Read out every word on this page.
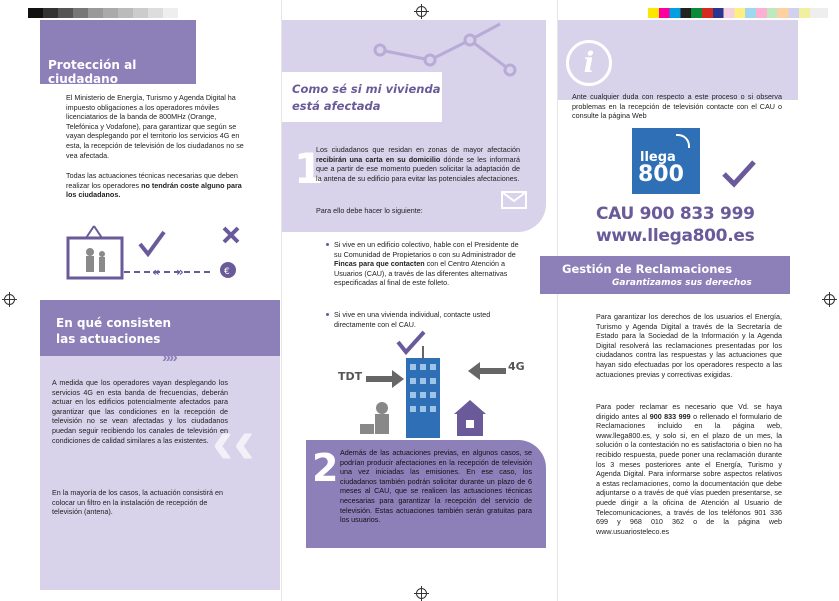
Protección al ciudadano
El Ministerio de Energía, Turismo y Agenda Digital ha impuesto obligaciones a los operadores móviles licenciatarios de la banda de 800MHz (Orange, Telefónica y Vodafone), para garantizar que según se vayan desplegando por el territorio los servicios 4G en esta, la recepción de televisión de los ciudadanos no se vea afectada.
Todas las actuaciones técnicas necesarias que deben realizar los operadores no tendrán coste alguno para los ciudadanos.
« »	€
En qué consisten
las actuaciones
»»
‹‹
A medida que los operadores vayan desplegando los servicios 4G en esta banda de frecuencias, deberán actuar en los edificios potencialmente afectados para garantizar que las condiciones en la recepción de televisión no se vean afectadas y los ciudadanos puedan seguir recibiendo los canales de televisión en condiciones de calidad similares a las existentes.
En la mayoría de los casos, la actuación consistirá en colocar un filtro en la instalación de recepción de televisión (antena).
Como sé si mi vivienda
está afectada
1
Los ciudadanos que residan en zonas de mayor afectación recibirán una carta en su domicilio dónde se les informará que a partir de ese momento pueden solicitar la adaptación de la antena de su edificio para evitar las potenciales afectaciones.
Para ello debe hacer lo siguiente:
Si vive en un edificio colectivo, hable con el Presidente de su Comunidad de Propietarios o con su Administrador de Fincas para que contacten con el Centro Atención a Usuarios (CAU), a través de las diferentes alternativas especificadas al final de este folleto.
Si vive en una vivienda individual, contacte usted directamente con el CAU.
TDT
4G
2 Además de las actuaciones previas, en algunos casos, se podrían producir afectaciones en la recepción de televisión una vez iniciadas las emisiones. En ese caso, los ciudadanos también podrán solicitar durante un plazo de 6 meses al CAU, que se realicen las actuaciones técnicas necesarias para garantizar la recepción del servicio de televisión. Estas actuaciones también serán gratuitas para los usuarios.
i
Ante cualquier duda con respecto a este proceso o si observa problemas en la recepción de televisión contacte con el CAU o consulte la página Web
llega
800
CAU 900 833 999
www.llega800.es
Gestión de Reclamaciones
Garantizamos sus derechos
Para garantizar los derechos de los usuarios el Energía, Turismo y Agenda Digital a través de la Secretaría de Estado para la Sociedad de la Información y la Agenda Digital resolverá las reclamaciones presentadas por los ciudadanos contra las respuestas y las actuaciones que hayan sido efectuadas por los operadores respecto a las actuaciones previas y correctivas exigidas.
Para poder reclamar es necesario que Vd. se haya dirigido antes al 900 833 999 o rellenado el formulario de Reclamaciones incluido en la página web, www.llega800.es, y solo si, en el plazo de un mes, la solución o la contestación no es satisfactoria o bien no ha recibido respuesta, puede poner una reclamación durante los 3 meses posteriores ante el Energía, Turismo y Agenda Digital. Para informarse sobre aspectos relativos a estas reclamaciones, como la documentación que debe adjuntarse o a través de qué vías pueden presentarse, se puede dirigir a la oficina de Atención al Usuario de Telecomunicaciones, a través de los teléfonos 901 336 699 y 968 010 362 o de la página web www.usuariosteleco.es
